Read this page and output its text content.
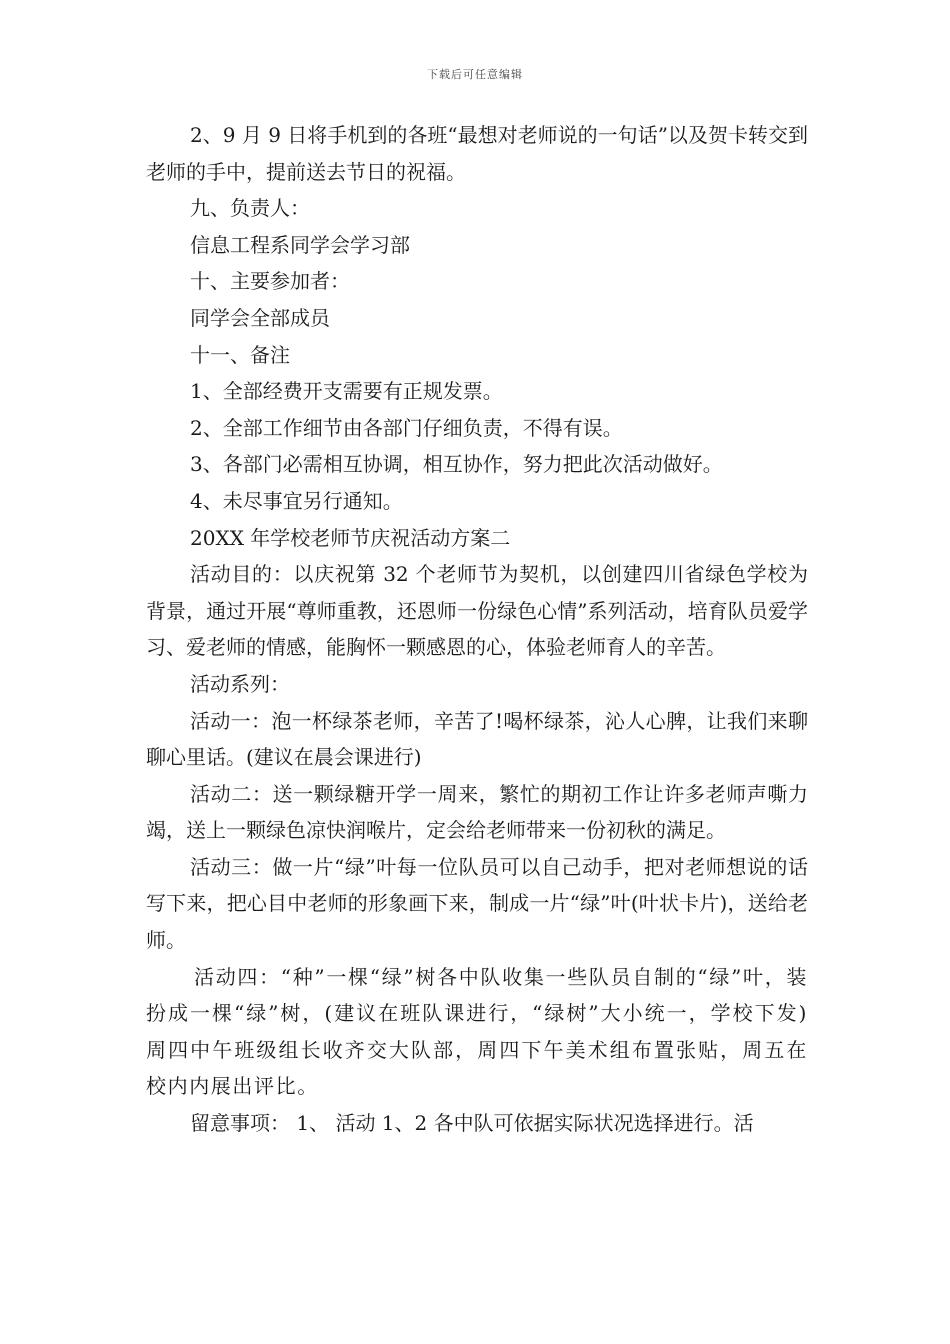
下载后可任意编辑

2、9 月 9 日将手机到的各班“最想对老师说的一句话”以及贺卡转交到老师的手中，提前送去节日的祝福。

九、负责人：

信息工程系同学会学习部

十、主要参加者：

同学会全部成员

十一、备注

1、全部经费开支需要有正规发票。

2、全部工作细节由各部门仔细负责，不得有误。

3、各部门必需相互协调，相互协作，努力把此次活动做好。

4、未尽事宜另行通知。

20XX 年学校老师节庆祝活动方案二

活动目的：以庆祝第 32 个老师节为契机，以创建四川省绿色学校为背景，通过开展“尊师重教，还恩师一份绿色心情”系列活动，培育队员爱学习、爱老师的情感，能胸怀一颗感恩的心，体验老师育人的辛苦。

活动系列：

活动一：泡一杯绿茶老师，辛苦了!喝杯绿茶，沁人心脾，让我们来聊聊心里话。(建议在晨会课进行)

活动二：送一颗绿糖开学一周来，繁忙的期初工作让许多老师声嘶力竭，送上一颗绿色凉快润喉片，定会给老师带来一份初秋的满足。

活动三：做一片“绿”叶每一位队员可以自己动手，把对老师想说的话写下来，把心目中老师的形象画下来，制成一片“绿”叶(叶状卡片)，送给老师。

活动四：“种”一棵“绿”树各中队收集一些队员自制的“绿”叶，装扮成一棵“绿”树，(建议在班队课进行，“绿树”大小统一，学校下发)周四中午班级组长收齐交大队部，周四下午美术组布置张贴，周五在校内内展出评比。

留意事项： 1、 活动 1、2 各中队可依据实际状况选择进行。活
